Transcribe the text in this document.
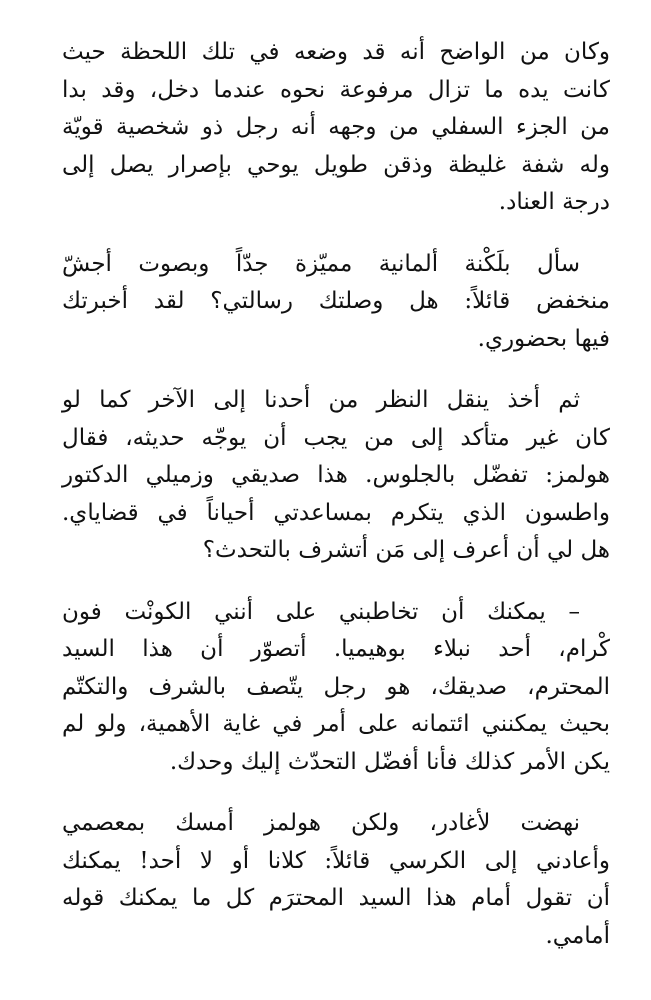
وكان من الواضح أنه قد وضعه في تلك اللحظة حيث
كانت يده ما تزال مرفوعة نحوه عندما دخل، وقد بدا
من الجزء السفلي من وجهه أنه رجل ذو شخصية قويّة
وله شفة غليظة وذقن طويل يوحي بإصرار يصل إلى
درجة العناد.

سأل بلَكْنة ألمانية مميّزة جدّاً وبصوت أجشّ
منخفض قائلاً: هل وصلتك رسالتي؟ لقد أخبرتك
فيها بحضوري.

ثم أخذ ينقل النظر من أحدنا إلى الآخر كما لو
كان غير متأكد إلى من يجب أن يوجّه حديثه، فقال
هولمز: تفضّل بالجلوس. هذا صديقي وزميلي الدكتور
واطسون الذي يتكرم بمساعدتي أحياناً في قضاياي.
هل لي أن أعرف إلى مَن أتشرف بالتحدث؟

– يمكنك أن تخاطبني على أنني الكونْت فون
كْرام، أحد نبلاء بوهيميا. أتصوّر أن هذا السيد
المحترم، صديقك، هو رجل يتّصف بالشرف والتكتّم
بحيث يمكنني ائتمانه على أمر في غاية الأهمية، ولو لم
يكن الأمر كذلك فأنا أفضّل التحدّث إليك وحدك.

نهضت لأغادر، ولكن هولمز أمسك بمعصمي
وأعادني إلى الكرسي قائلاً: كلانا أو لا أحد! يمكنك
أن تقول أمام هذا السيد المحترَم كل ما يمكنك قوله
أمامي.
